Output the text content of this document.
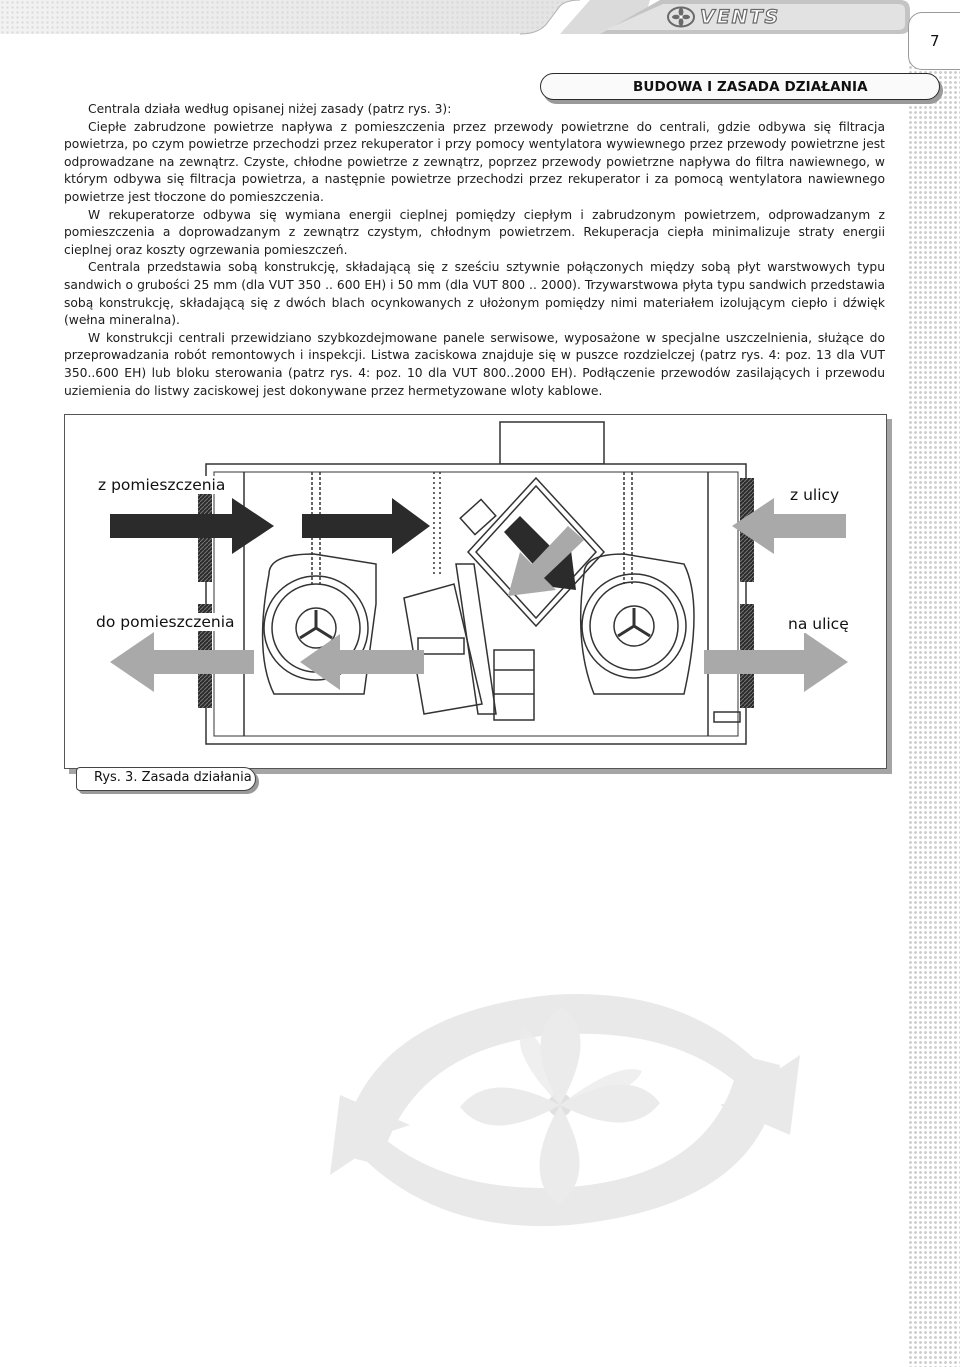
VENTS
7
BUDOWA I ZASADA DZIAŁANIA

Centrala działa według opisanej niżej zasady (patrz rys. 3):

Ciepłe zabrudzone powietrze napływa z pomieszczenia przez przewody powietrzne do centrali, gdzie odbywa się filtracja powietrza, po czym powietrze przechodzi przez rekuperator i przy pomocy wentylatora wywiewnego przez przewody powietrzne jest odprowadzane na zewnątrz. Czyste, chłodne powietrze z zewnątrz, poprzez przewody powietrzne napływa do filtra nawiewnego, w którym odbywa się filtracja powietrza, a następnie powietrze przechodzi przez rekuperator i za pomocą wentylatora nawiewnego powietrze jest tłoczone do pomieszczenia.

W rekuperatorze odbywa się wymiana energii cieplnej pomiędzy ciepłym i zabrudzonym powietrzem, odprowadzanym z pomieszczenia a doprowadzanym z zewnątrz czystym, chłodnym powietrzem. Rekuperacja ciepła minimalizuje straty energii cieplnej oraz koszty ogrzewania pomieszczeń.

Centrala przedstawia sobą konstrukcję, składającą się z sześciu sztywnie połączonych między sobą płyt warstwowych typu sandwich o grubości 25 mm (dla VUT 350 .. 600 EH) i 50 mm (dla VUT 800 .. 2000). Trzywarstwowa płyta typu sandwich przedstawia sobą konstrukcję, składającą się z dwóch blach ocynkowanych z ułożonym pomiędzy nimi materiałem izolującym ciepło i dźwięk (wełna mineralna).

W konstrukcji centrali przewidziano szybkozdejmowane panele serwisowe, wyposażone w specjalne uszczelnienia, służące do przeprowadzania robót remontowych i inspekcji. Listwa zaciskowa znajduje się w puszce rozdzielczej (patrz rys. 4: poz. 13 dla VUT 350..600 EH) lub bloku sterowania (patrz rys. 4: poz. 10 dla VUT 800..2000 EH). Podłączenie przewodów zasilających i przewodu uziemienia do listwy zaciskowej jest dokonywane przez hermetyzowane wloty kablowe.

z pomieszczenia
z ulicy
do pomieszczenia	na ulicę
Rys. 3. Zasada działania
